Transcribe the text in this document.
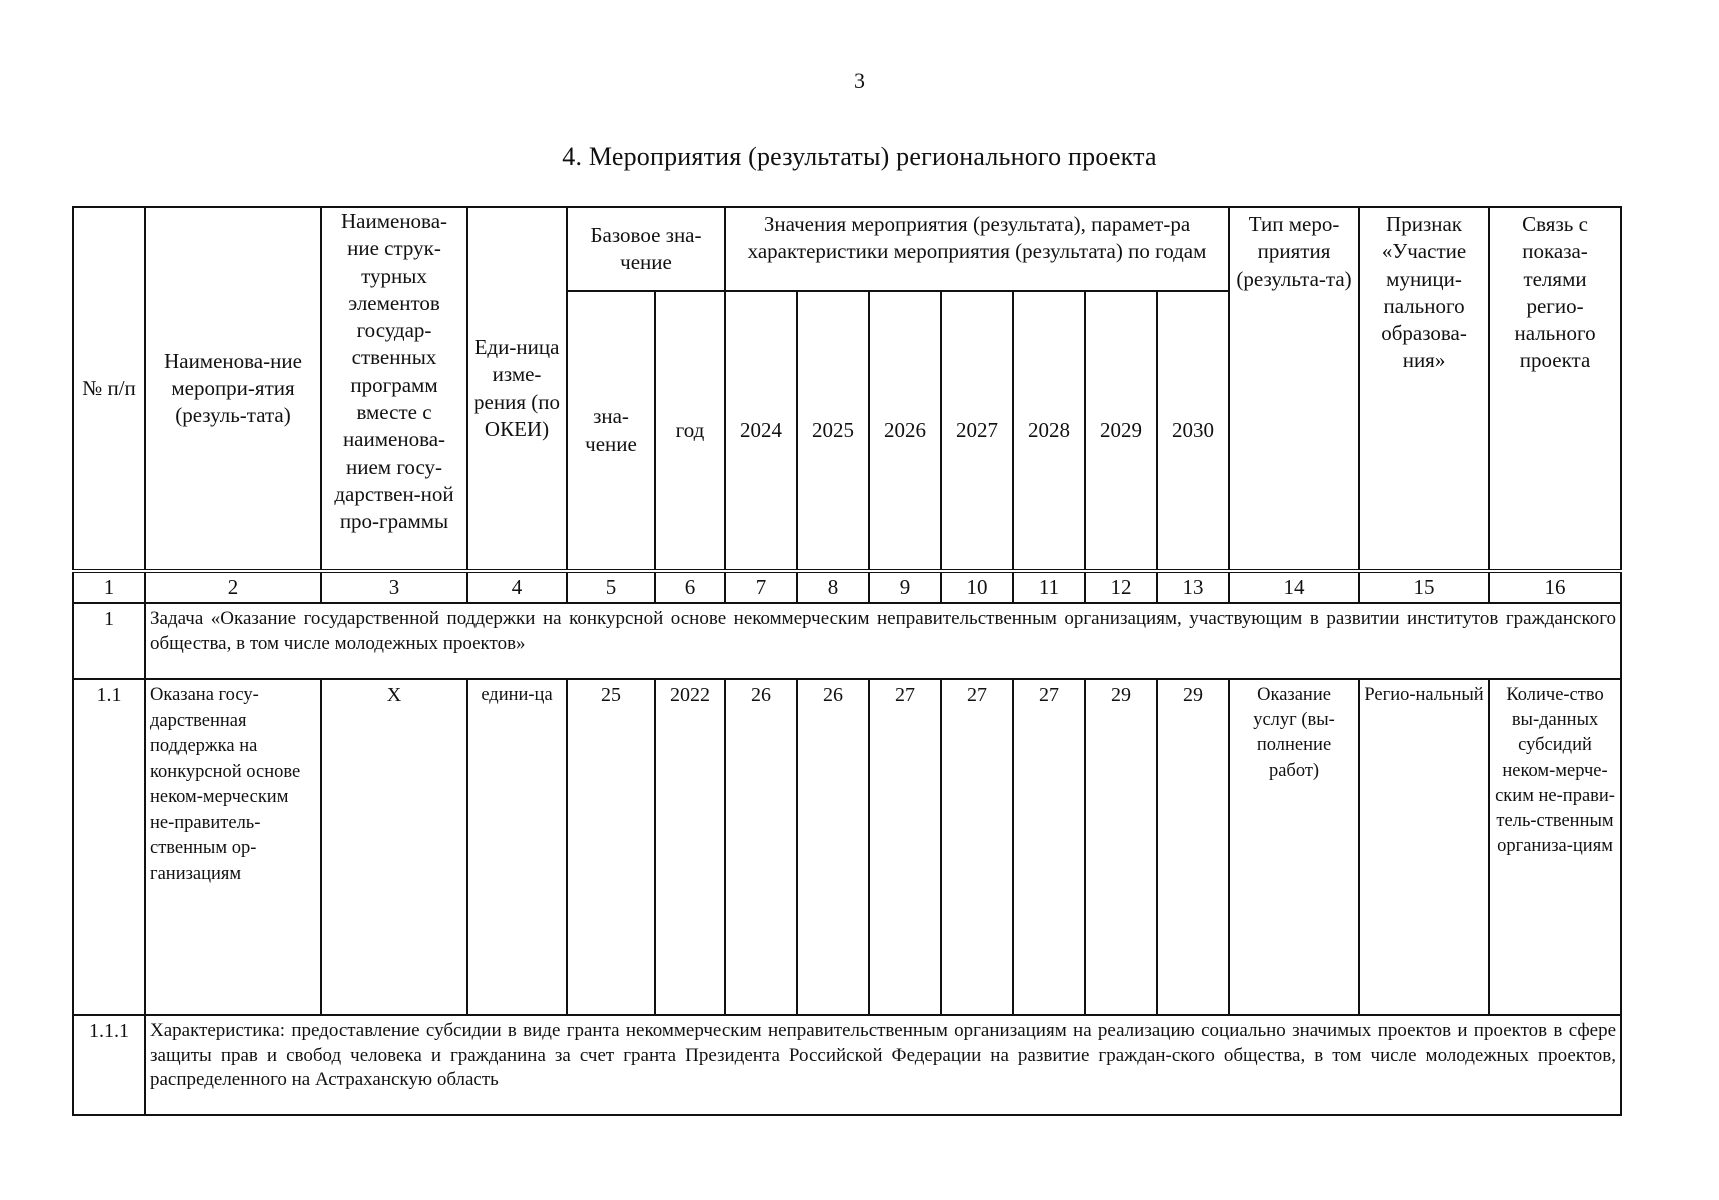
3
4. Мероприятия (результаты) регионального проекта
№ п/п	Наименова-ние меропри-ятия (резуль-тата)	Наименова-ние струк-турных элементов государ-ственных программ вместе с наименова-нием госу-дарствен-ной про-граммы	Еди-ница изме-рения (по ОКЕИ)	Базовое зна-чение		Значения мероприятия (результата), парамет-ра характеристики мероприятия (результата) по годам							Тип меро-приятия (результа-та)	Признак «Участие муници-пального образова-ния»	Связь с показа-телями регио-нального проекта
				зна-чение	год	2024	2025	2026	2027	2028	2029	2030			
1	2	3	4	5	6	7	8	9	10	11	12	13	14	15	16
1	Задача «Оказание государственной поддержки на конкурсной основе некоммерческим неправительственным организациям, участвующим в развитии институтов гражданского общества, в том числе молодежных проектов»														
1.1	Оказана госу-дарственная поддержка на конкурсной основе неком-мерческим не-правитель-ственным ор-ганизациям	Х	едини-ца	25	2022	26	26	27	27	27	29	29	Оказание услуг (вы-полнение работ)	Регио-нальный	Количе-ство вы-данных субсидий неком-мерче-ским не-прави-тель-ственным организа-циям
1.1.1	Характеристика: предоставление субсидии в виде гранта некоммерческим неправительственным организациям на реализацию социально значимых проектов и проектов в сфере защиты прав и свобод человека и гражданина за счет гранта Президента Российской Федерации на развитие граждан-ского общества, в том числе молодежных проектов, распределенного на Астраханскую область														
